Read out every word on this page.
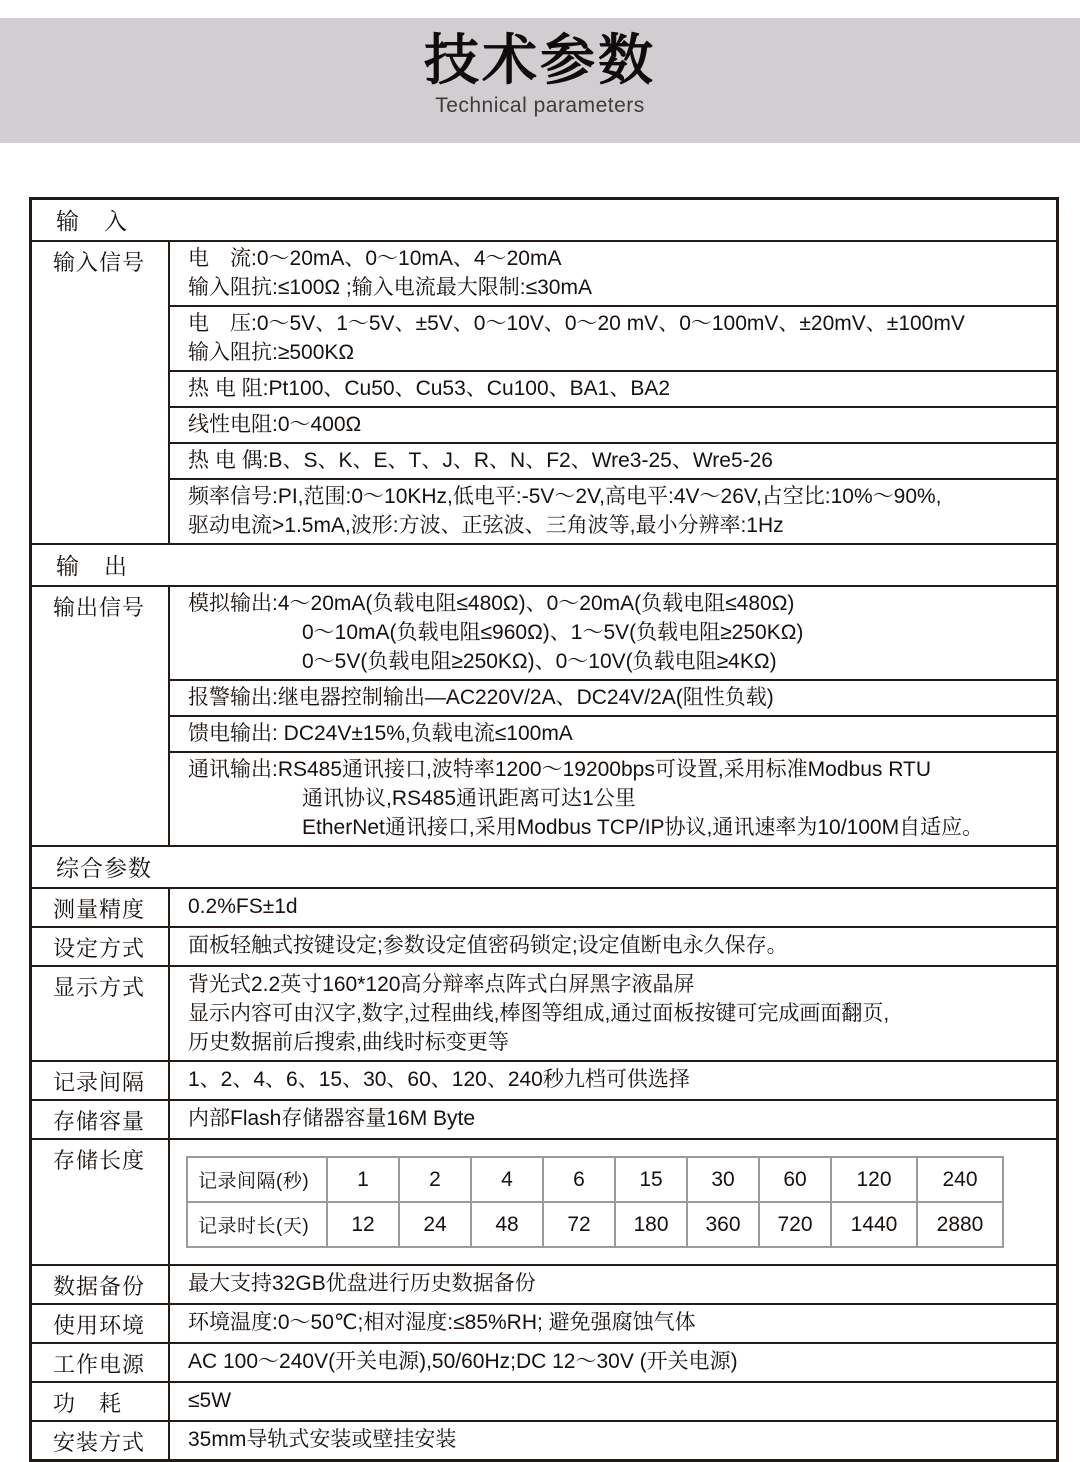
技术参数
Technical parameters
输　入
输入信号	电　流:0～20mA、0～10mA、4～20mA
输入阻抗:≤100Ω ;输入电流最大限制:≤30mA
电　压:0～5V、1～5V、±5V、0～10V、0～20 mV、0～100mV、±20mV、±100mV
输入阻抗:≥500KΩ
热 电 阻:Pt100、Cu50、Cu53、Cu100、BA1、BA2
线性电阻:0～400Ω
热 电 偶:B、S、K、E、T、J、R、N、F2、Wre3-25、Wre5-26
频率信号:PI,范围:0～10KHz,低电平:-5V～2V,高电平:4V～26V,占空比:10%～90%,
驱动电流>1.5mA,波形:方波、正弦波、三角波等,最小分辨率:1Hz
输　出
输出信号	模拟输出:4～20mA(负载电阻≤480Ω)、0～20mA(负载电阻≤480Ω)
0～10mA(负载电阻≤960Ω)、1～5V(负载电阻≥250KΩ)
0～5V(负载电阻≥250KΩ)、0～10V(负载电阻≥4KΩ)
报警输出:继电器控制输出—AC220V/2A、DC24V/2A(阻性负载)
馈电输出: DC24V±15%,负载电流≤100mA
通讯输出:RS485通讯接口,波特率1200～19200bps可设置,采用标准Modbus RTU
通讯协议,RS485通讯距离可达1公里
EtherNet通讯接口,采用Modbus TCP/IP协议,通讯速率为10/100M自适应。
综合参数
测量精度	0.2%FS±1d
设定方式	面板轻触式按键设定;参数设定值密码锁定;设定值断电永久保存。
显示方式	背光式2.2英寸160*120高分辩率点阵式白屏黑字液晶屏
显示内容可由汉字,数字,过程曲线,棒图等组成,通过面板按键可完成画面翻页,
历史数据前后搜索,曲线时标变更等
记录间隔	1、2、4、6、15、30、60、120、240秒九档可供选择
存储容量	内部Flash存储器容量16M Byte
存储长度
记录间隔(秒)	1	2	4	6	15	30	60	120	240
记录时长(天)	12	24	48	72	180	360	720	1440	2880
数据备份	最大支持32GB优盘进行历史数据备份
使用环境	环境温度:0～50℃;相对湿度:≤85%RH; 避免强腐蚀气体
工作电源	AC 100～240V(开关电源),50/60Hz;DC 12～30V (开关电源)
功　耗	≤5W
安装方式	35mm导轨式安装或壁挂安装
